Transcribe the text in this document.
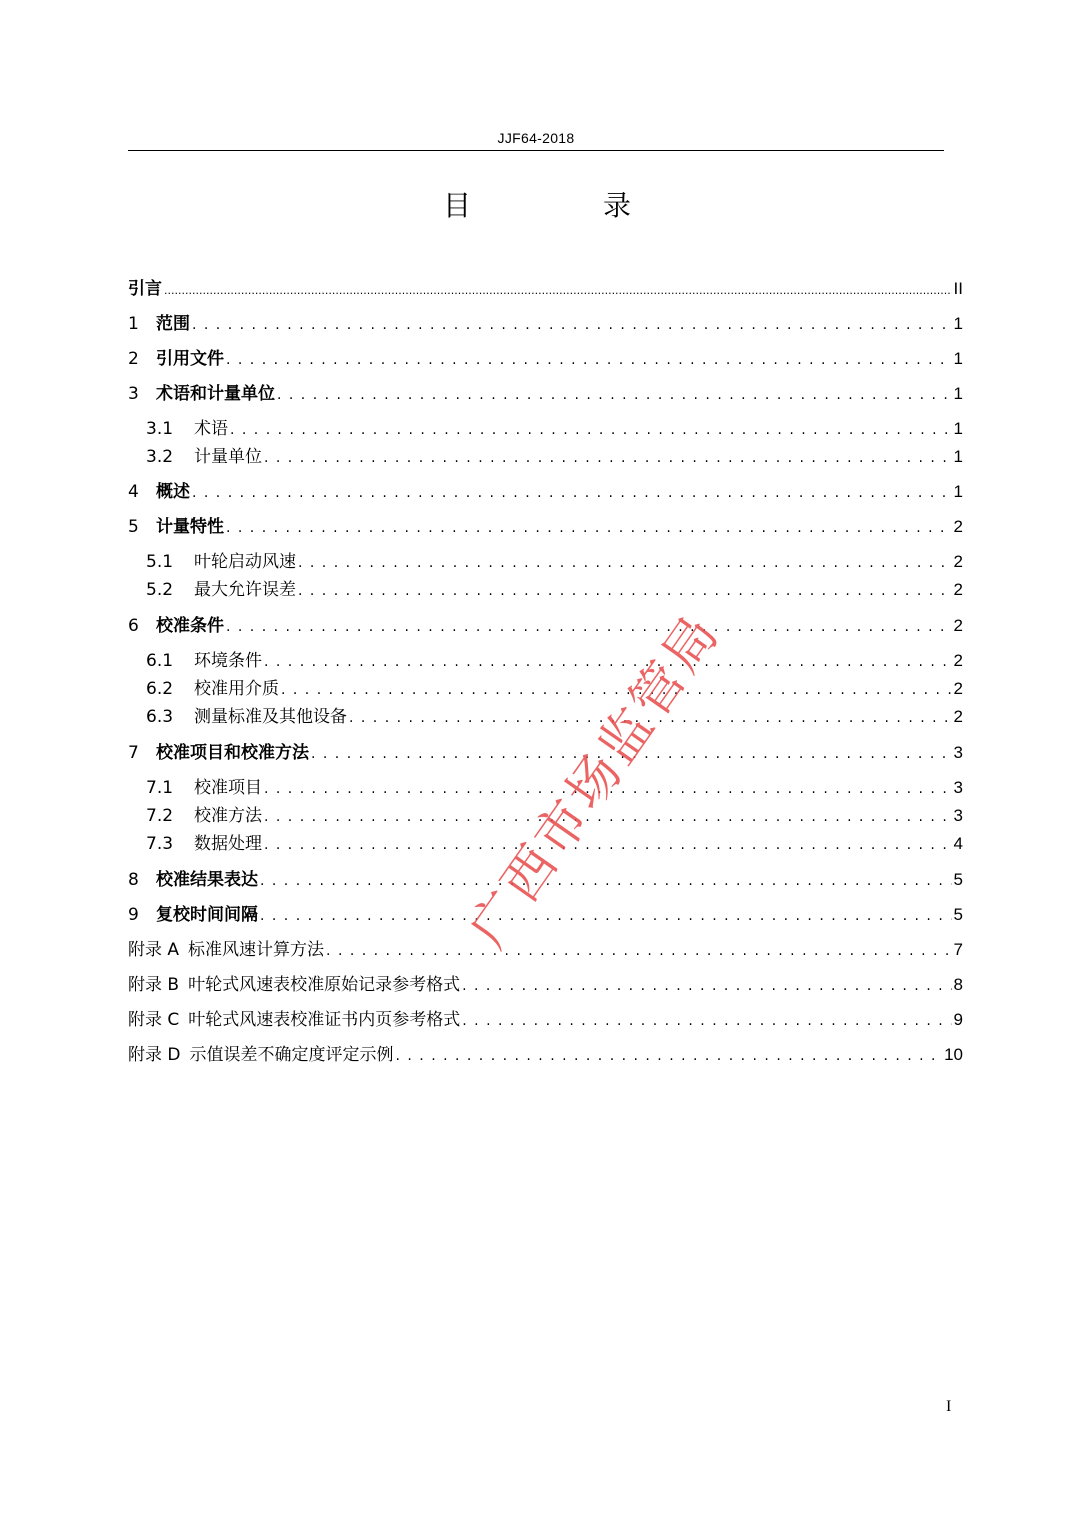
JJF64-2018
目　录
引言 .....	II
1	范围 . . .	1
2	引用文件 . . .	1
3	术语和计量单位 . . .	1
3.1	术语 . . .	1
3.2	计量单位 . . .	1
4	概述 . . .	1
5	计量特性 . . .	2
5.1	叶轮启动风速 . . .	2
5.2	最大允许误差 . . .	2
6	校准条件 . . .	2
6.1	环境条件 . . .	2
6.2	校准用介质 . . .	2
6.3	测量标准及其他设备 . . .	2
7	校准项目和校准方法 . . .	3
7.1	校准项目 . . .	3
7.2	校准方法 . . .	3
7.3	数据处理 . . .	4
8	校准结果表达 . . .	5
9	复校时间间隔 . . .	5
附录 A 标准风速计算方法 . . .	7
附录 B 叶轮式风速表校准原始记录参考格式 . . .	8
附录 C 叶轮式风速表校准证书内页参考格式 . . .	9
附录 D 示值误差不确定度评定示例 . . .	10
广西市场监管局
I
